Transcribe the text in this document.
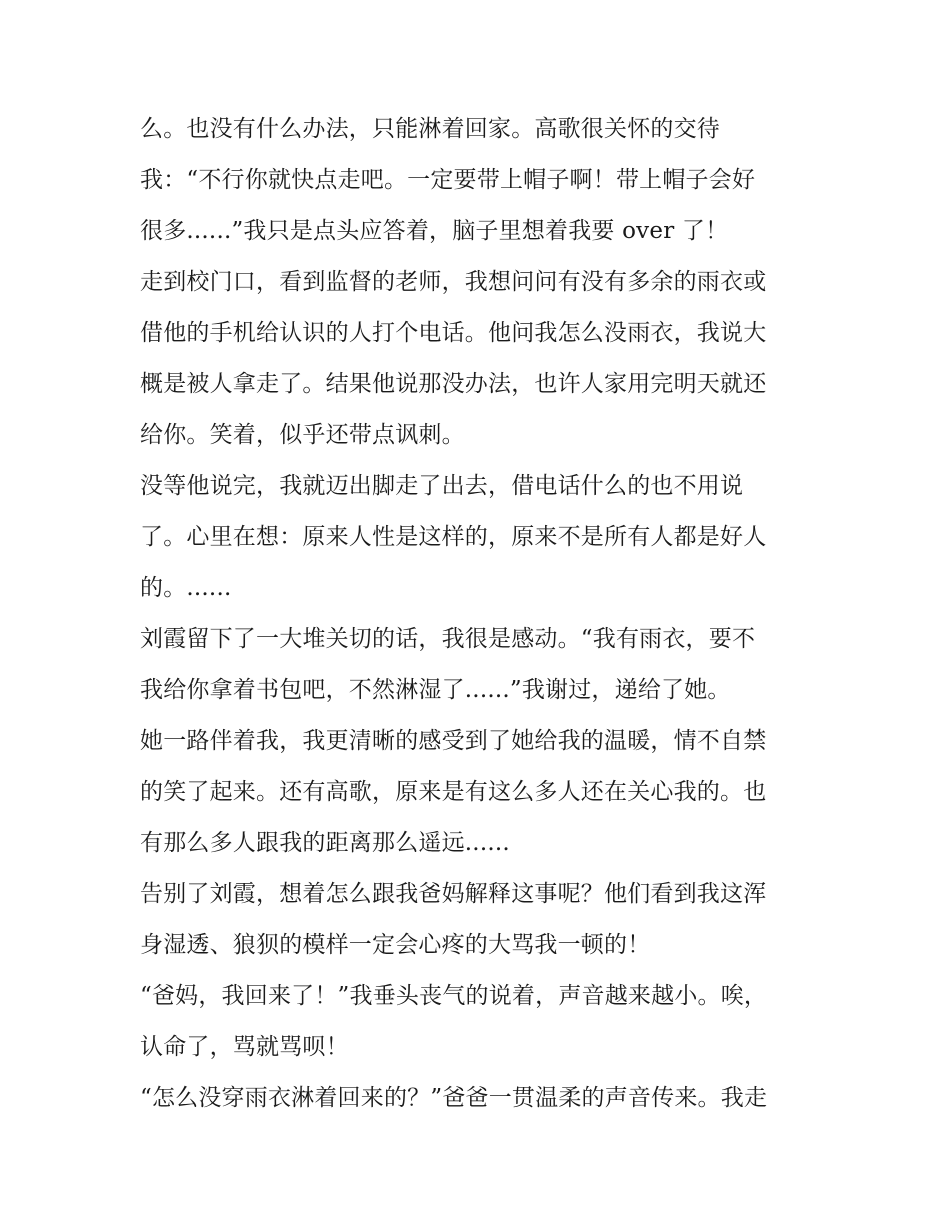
么。也没有什么办法，只能淋着回家。高歌很关怀的交待
我：“不行你就快点走吧。一定要带上帽子啊！带上帽子会好
很多......”我只是点头应答着，脑子里想着我要 over 了！
走到校门口，看到监督的老师，我想问问有没有多余的雨衣或
借他的手机给认识的人打个电话。他问我怎么没雨衣，我说大
概是被人拿走了。结果他说那没办法，也许人家用完明天就还
给你。笑着，似乎还带点讽刺。
没等他说完，我就迈出脚走了出去，借电话什么的也不用说
了。心里在想：原来人性是这样的，原来不是所有人都是好人
的。......
刘霞留下了一大堆关切的话，我很是感动。“我有雨衣，要不
我给你拿着书包吧，不然淋湿了......”我谢过，递给了她。
她一路伴着我，我更清晰的感受到了她给我的温暖，情不自禁
的笑了起来。还有高歌，原来是有这么多人还在关心我的。也
有那么多人跟我的距离那么遥远......
告别了刘霞，想着怎么跟我爸妈解释这事呢？他们看到我这浑
身湿透、狼狈的模样一定会心疼的大骂我一顿的！
“爸妈，我回来了！”我垂头丧气的说着，声音越来越小。唉，
认命了，骂就骂呗！
“怎么没穿雨衣淋着回来的？”爸爸一贯温柔的声音传来。我走
